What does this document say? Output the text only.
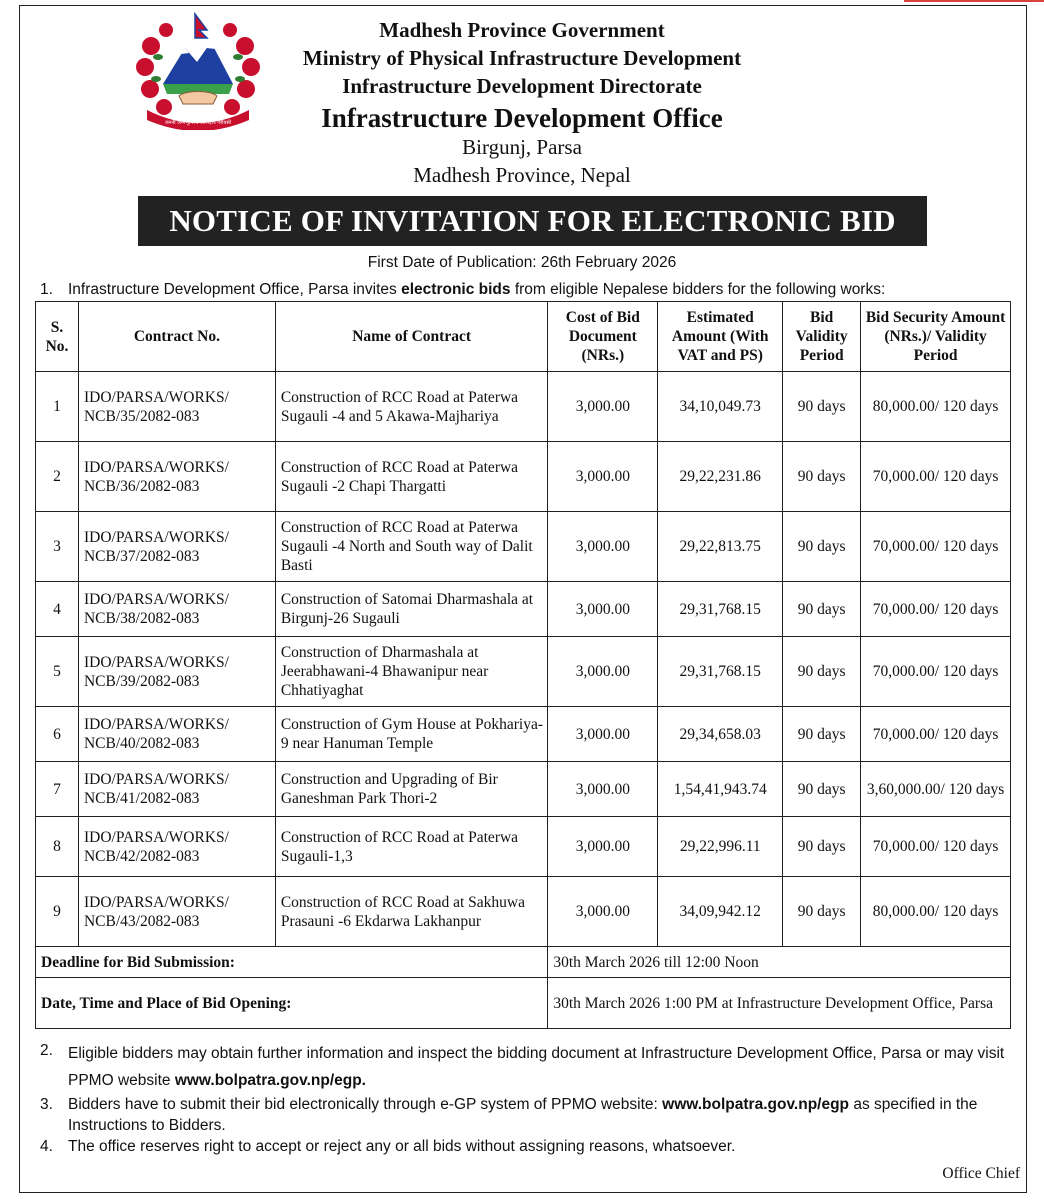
जननी जन्मभूमिश्च स्वर्गादपि गरीयसी
Madhesh Province Government
Ministry of Physical Infrastructure Development
Infrastructure Development Directorate
Infrastructure Development Office
Birgunj, Parsa
Madhesh Province, Nepal
NOTICE OF INVITATION FOR ELECTRONIC BID
First Date of Publication: 26th February 2026
1. Infrastructure Development Office, Parsa invites electronic bids from eligible Nepalese bidders for the following works:
S. No.	Contract No.	Name of Contract	Cost of Bid Document (NRs.)	Estimated Amount (With VAT and PS)	Bid Validity Period	Bid Security Amount (NRs.)/ Validity Period
1	IDO/PARSA/WORKS/ NCB/35/2082-083	Construction of RCC Road at Paterwa Sugauli -4 and 5 Akawa-Majhariya	3,000.00	34,10,049.73	90 days	80,000.00/ 120 days
2	IDO/PARSA/WORKS/ NCB/36/2082-083	Construction of RCC Road at Paterwa Sugauli -2 Chapi Thargatti	3,000.00	29,22,231.86	90 days	70,000.00/ 120 days
3	IDO/PARSA/WORKS/ NCB/37/2082-083	Construction of RCC Road at Paterwa Sugauli -4 North and South way of Dalit Basti	3,000.00	29,22,813.75	90 days	70,000.00/ 120 days
4	IDO/PARSA/WORKS/ NCB/38/2082-083	Construction of Satomai Dharmashala at Birgunj-26 Sugauli	3,000.00	29,31,768.15	90 days	70,000.00/ 120 days
5	IDO/PARSA/WORKS/ NCB/39/2082-083	Construction of Dharmashala at Jeerabhawani-4 Bhawanipur near Chhatiyaghat	3,000.00	29,31,768.15	90 days	70,000.00/ 120 days
6	IDO/PARSA/WORKS/ NCB/40/2082-083	Construction of Gym House at Pokhariya-9 near Hanuman Temple	3,000.00	29,34,658.03	90 days	70,000.00/ 120 days
7	IDO/PARSA/WORKS/ NCB/41/2082-083	Construction and Upgrading of Bir Ganeshman Park Thori-2	3,000.00	1,54,41,943.74	90 days	3,60,000.00/ 120 days
8	IDO/PARSA/WORKS/ NCB/42/2082-083	Construction of RCC Road at Paterwa Sugauli-1,3	3,000.00	29,22,996.11	90 days	70,000.00/ 120 days
9	IDO/PARSA/WORKS/ NCB/43/2082-083	Construction of RCC Road at Sakhuwa Prasauni -6 Ekdarwa Lakhanpur	3,000.00	34,09,942.12	90 days	80,000.00/ 120 days
Deadline for Bid Submission:			30th March 2026 till 12:00 Noon			
Date, Time and Place of Bid Opening:			30th March 2026 1:00 PM at Infrastructure Development Office, Parsa			
2. Eligible bidders may obtain further information and inspect the bidding document at Infrastructure Development Office, Parsa or may visit PPMO website www.bolpatra.gov.np/egp.
3. Bidders have to submit their bid electronically through e-GP system of PPMO website: www.bolpatra.gov.np/egp as specified in the Instructions to Bidders.
4. The office reserves right to accept or reject any or all bids without assigning reasons, whatsoever.
Office Chief
